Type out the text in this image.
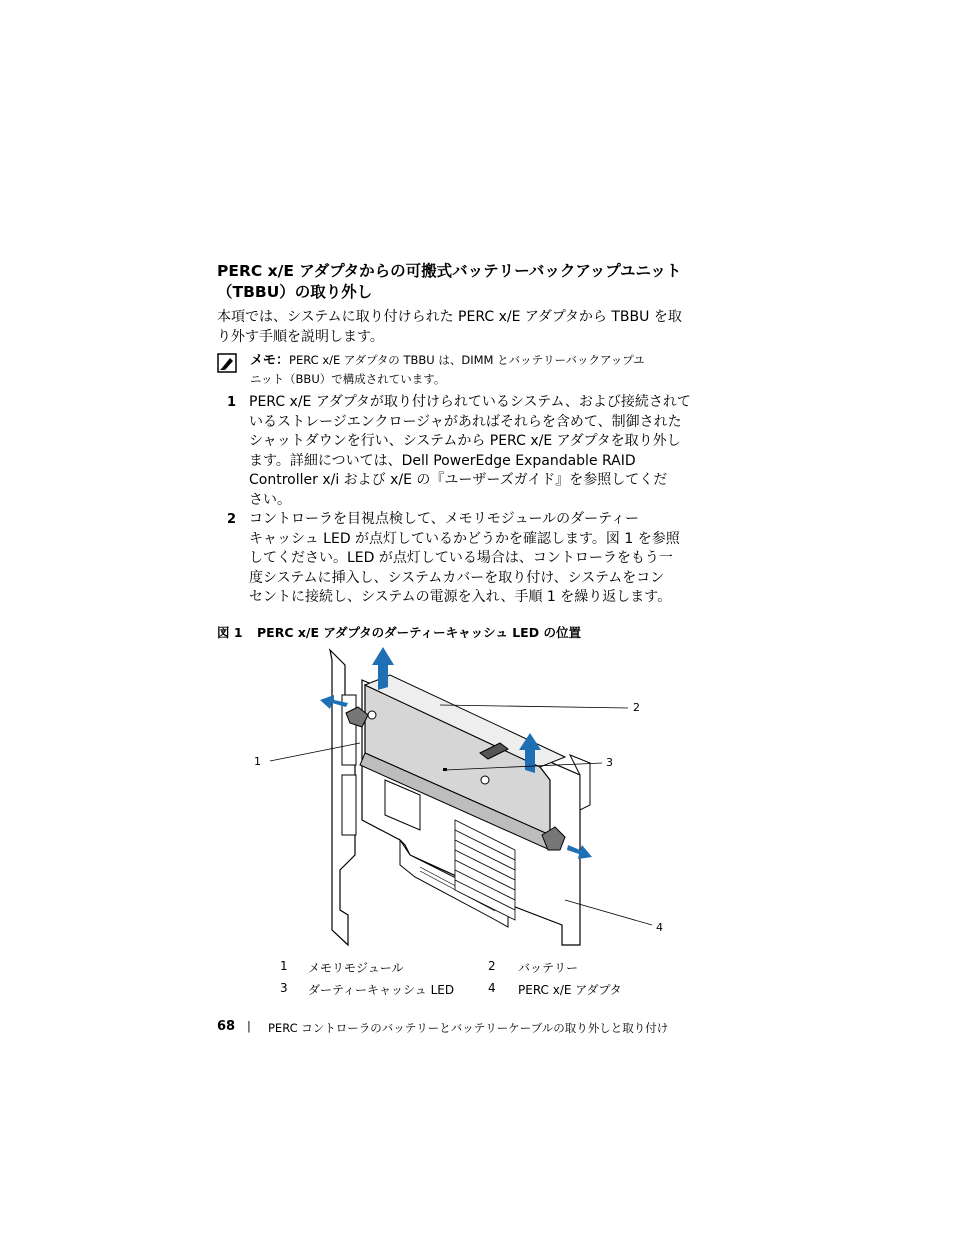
PERC x/E アダプタからの可搬式バッテリーバックアップユニット
（TBBU）の取り外し
本項では、システムに取り付けられた PERC x/E アダプタから TBBU を取
り外す手順を説明します。
メモ：PERC x/E アダプタの TBBU は、DIMM とバッテリーバックアップユ
ニット（BBU）で構成されています。
1 PERC x/E アダプタが取り付けられているシステム、および接続されて
いるストレージエンクロージャがあればそれらを含めて、制御された
シャットダウンを行い、システムから PERC x/E アダプタを取り外し
ます。詳細については、Dell PowerEdge Expandable RAID
Controller x/i および x/E の『ユーザーズガイド』を参照してくだ
さい。
2 コントローラを目視点検して、メモリモジュールのダーティー
キャッシュ LED が点灯しているかどうかを確認します。図 1 を参照
してください。LED が点灯している場合は、コントローラをもう一
度システムに挿入し、システムカバーを取り付け、システムをコン
セントに接続し、システムの電源を入れ、手順 1 を繰り返します。
図 1 PERC x/E アダプタのダーティーキャッシュ LED の位置
1
2
3
4
1 メモリモジュール	2 バッテリー
3 ダーティーキャッシュ LED	4 PERC x/E アダプタ
68 | PERC コントローラのバッテリーとバッテリーケーブルの取り外しと取り付け
